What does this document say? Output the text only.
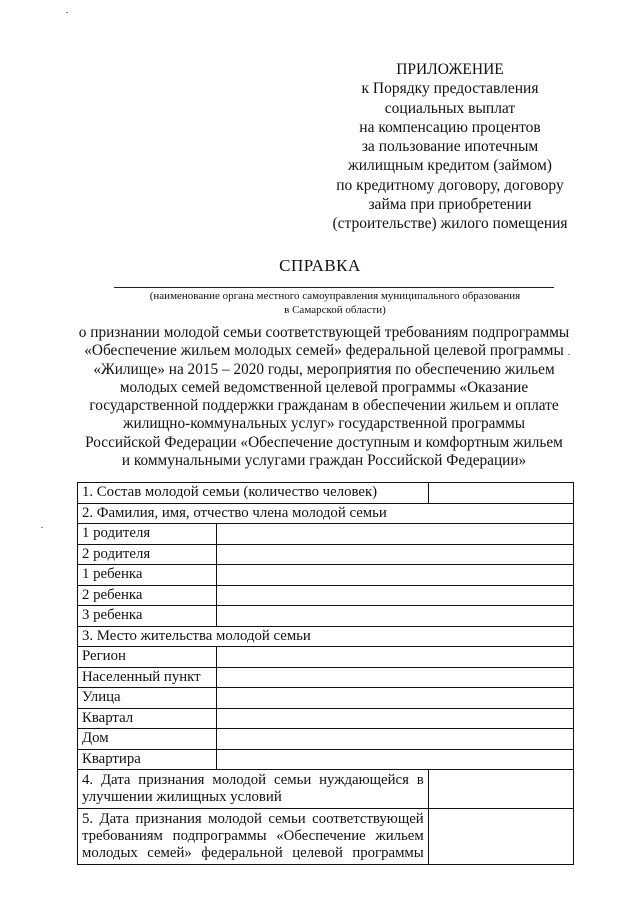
ПРИЛОЖЕНИЕ
к Порядку предоставления
социальных выплат
на компенсацию процентов
за пользование ипотечным
жилищным кредитом (займом)
по кредитному договору, договору
займа при приобретении
(строительстве) жилого помещения
СПРАВКА
(наименование органа местного самоуправления муниципального образования
в Самарской области)
о признании молодой семьи соответствующей требованиям подпрограммы
«Обеспечение жильем молодых семей» федеральной целевой программы
«Жилище» на 2015 – 2020 годы, мероприятия по обеспечению жильем
молодых семей ведомственной целевой программы «Оказание
государственной поддержки гражданам в обеспечении жильем и оплате
жилищно-коммунальных услуг» государственной программы
Российской Федерации «Обеспечение доступным и комфортным жильем
и коммунальными услугами граждан Российской Федерации»
1. Состав молодой семьи (количество человек)		
2. Фамилия, имя, отчество члена молодой семьи		
1 родителя		
2 родителя		
1 ребенка		
2 ребенка		
3 ребенка		
3. Место жительства молодой семьи		
Регион		
Населенный пункт		
Улица		
Квартал		
Дом		
Квартира		

4. Дата признания молодой семьи нуждающейся в
улучшении жилищных условий		

5. Дата признания молодой семьи соответствующей
требованиям подпрограммы «Обеспечение жильем
молодых семей» федеральной целевой программы		
